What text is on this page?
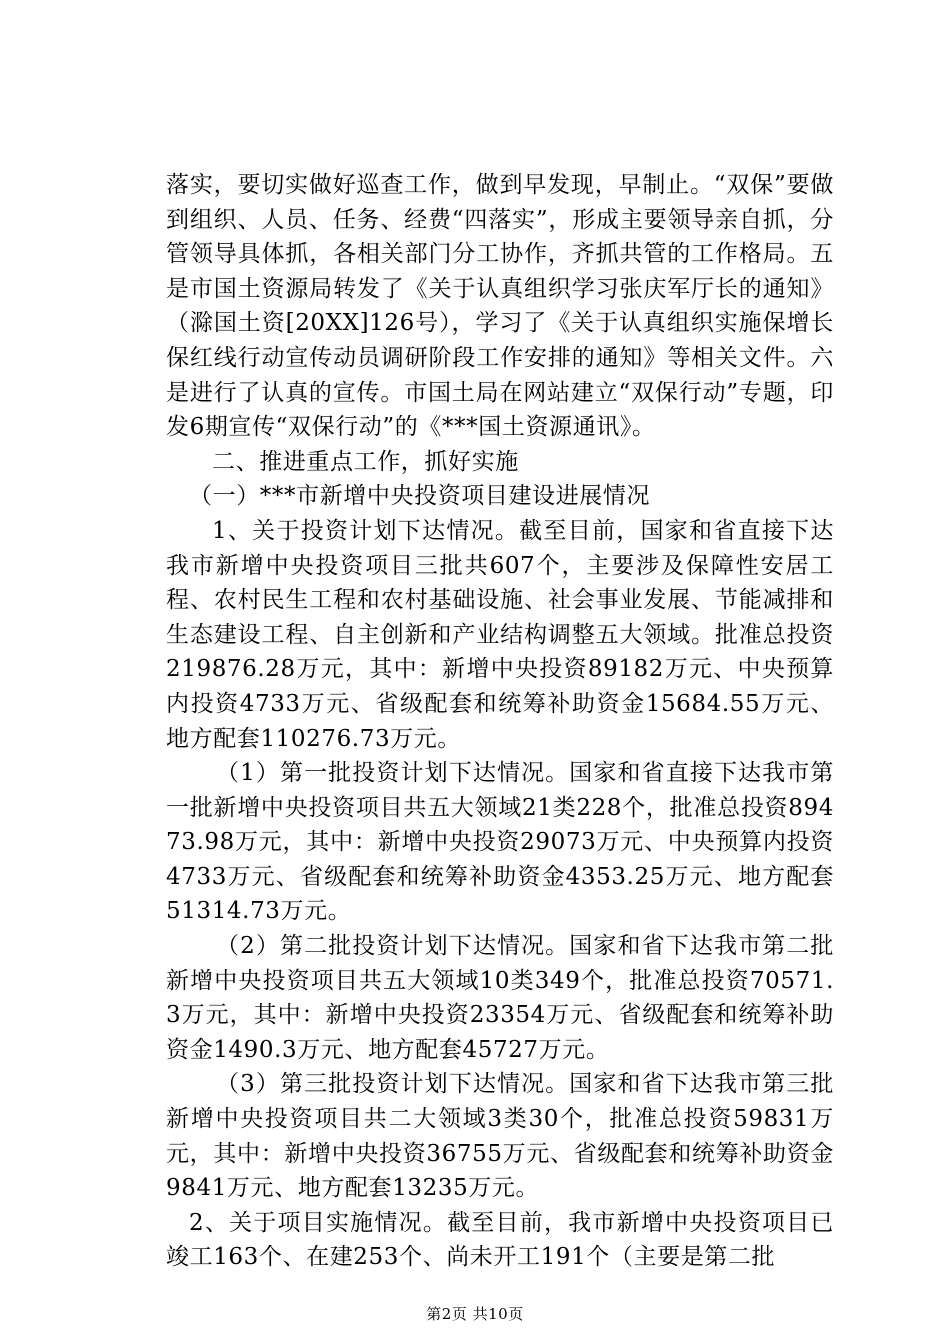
落实，要切实做好巡查工作，做到早发现，早制止。“双保”要做到组织、人员、任务、经费“四落实”，形成主要领导亲自抓，分管领导具体抓，各相关部门分工协作，齐抓共管的工作格局。五是市国土资源局转发了《关于认真组织学习张庆军厅长的通知》（滁国土资[20XX]126号），学习了《关于认真组织实施保增长保红线行动宣传动员调研阶段工作安排的通知》等相关文件。六是进行了认真的宣传。市国土局在网站建立“双保行动”专题，印发6期宣传“双保行动”的《***国土资源通讯》。

二、推进重点工作，抓好实施

（一）***市新增中央投资项目建设进展情况

1、关于投资计划下达情况。截至目前，国家和省直接下达我市新增中央投资项目三批共607个，主要涉及保障性安居工程、农村民生工程和农村基础设施、社会事业发展、节能减排和生态建设工程、自主创新和产业结构调整五大领域。批准总投资219876.28万元，其中：新增中央投资89182万元、中央预算内投资4733万元、省级配套和统筹补助资金15684.55万元、地方配套110276.73万元。

（1）第一批投资计划下达情况。国家和省直接下达我市第一批新增中央投资项目共五大领域21类228个，批准总投资89473.98万元，其中：新增中央投资29073万元、中央预算内投资4733万元、省级配套和统筹补助资金4353.25万元、地方配套51314.73万元。

（2）第二批投资计划下达情况。国家和省下达我市第二批新增中央投资项目共五大领域10类349个，批准总投资70571.3万元，其中：新增中央投资23354万元、省级配套和统筹补助资金1490.3万元、地方配套45727万元。

（3）第三批投资计划下达情况。国家和省下达我市第三批新增中央投资项目共二大领域3类30个，批准总投资59831万元，其中：新增中央投资36755万元、省级配套和统筹补助资金9841万元、地方配套13235万元。

2、关于项目实施情况。截至目前，我市新增中央投资项目已竣工163个、在建253个、尚未开工191个（主要是第二批

第2页 共10页
